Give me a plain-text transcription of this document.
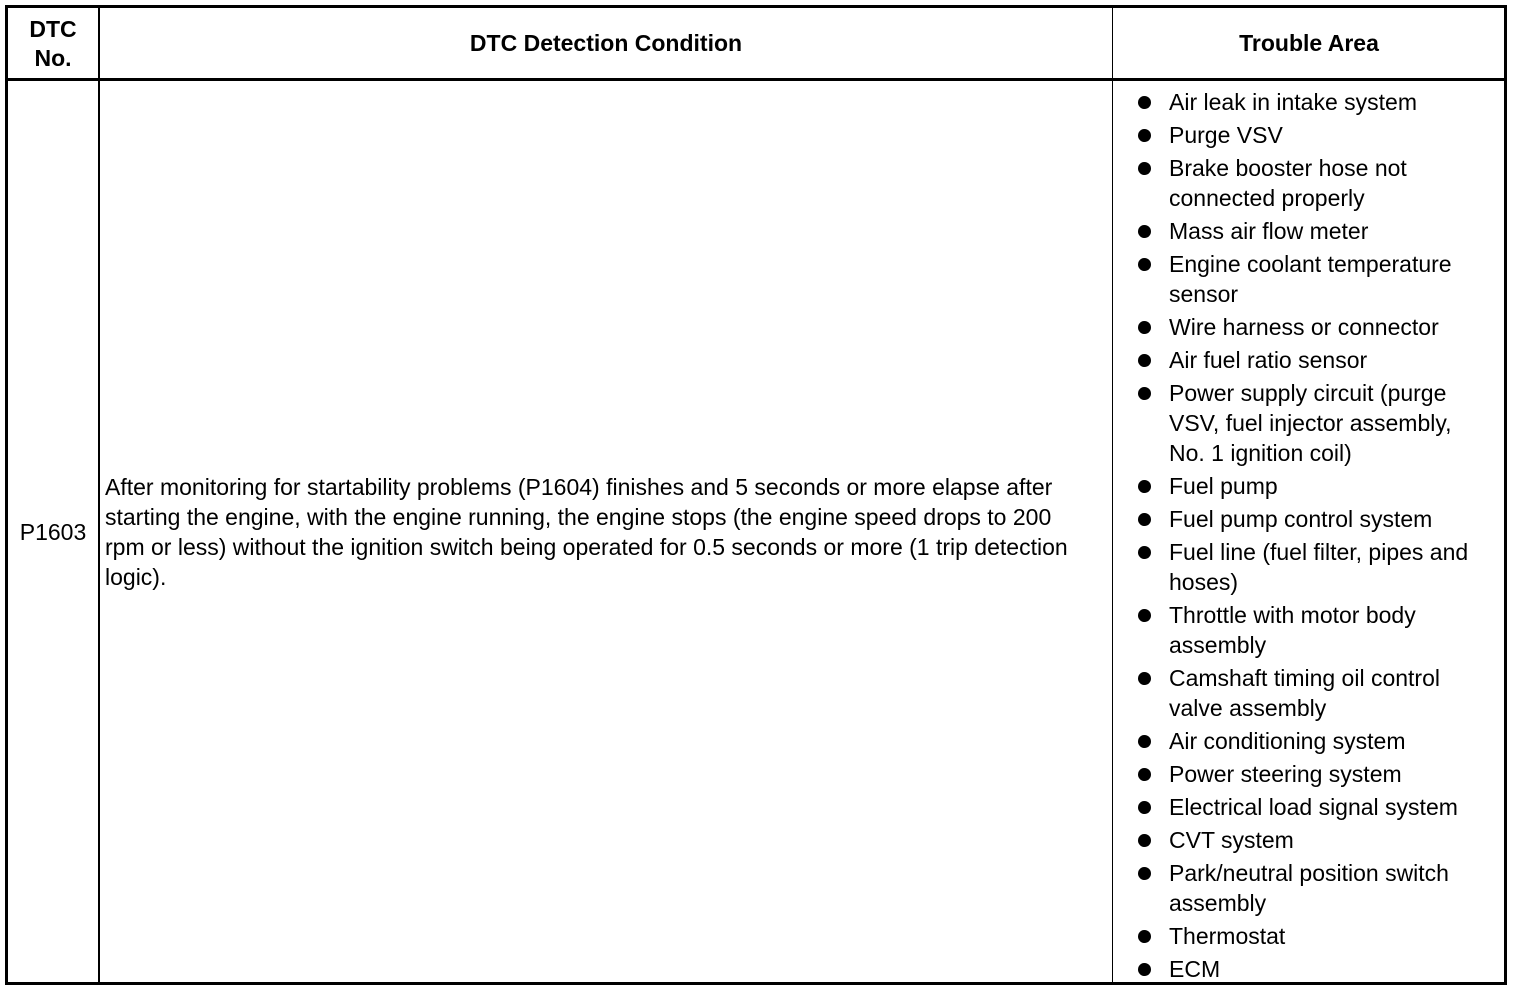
DTC
No.
DTC Detection Condition	Trouble Area
P1603
After monitoring for startability problems (P1604) finishes and 5 seconds or more elapse after starting the engine, with the engine running, the engine stops (the engine speed drops to 200 rpm or less) without the ignition switch being operated for 0.5 seconds or more (1 trip detection logic).
Air leak in intake system
Purge VSV
Brake booster hose not connected properly
Mass air flow meter
Engine coolant temperature sensor
Wire harness or connector
Air fuel ratio sensor
Power supply circuit (purge VSV, fuel injector assembly, No. 1 ignition coil)
Fuel pump
Fuel pump control system
Fuel line (fuel filter, pipes and hoses)
Throttle with motor body assembly
Camshaft timing oil control valve assembly
Air conditioning system
Power steering system
Electrical load signal system
CVT system
Park/neutral position switch assembly
Thermostat
ECM
